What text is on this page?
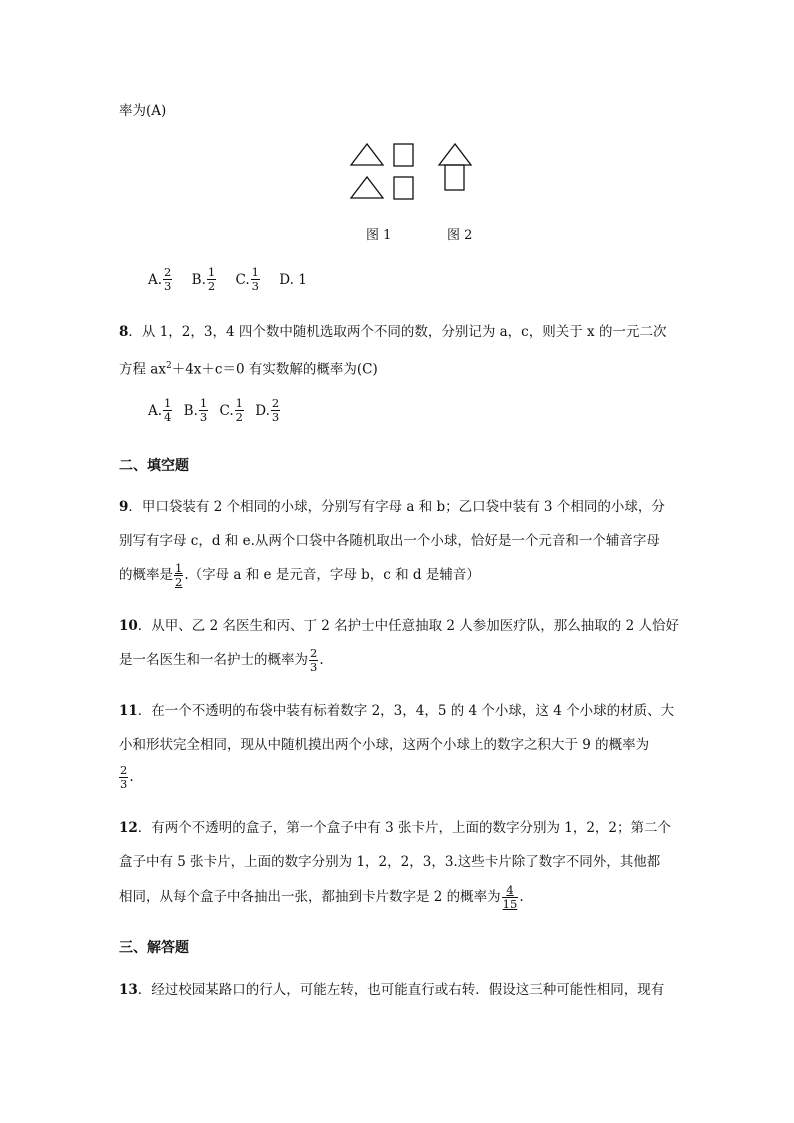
率为(A)
图 1	图 2
A. $\frac{2}{3}$
B. $\frac{1}{2}$
C. $\frac{1}{3}$
D.
1
8．从 1，2，3，4 四个数中随机选取两个不同的数，分别记为 a，c，则关于 x 的一元二次
方程 $ax^2+4x+c=0$ 有实数解的概率为(C)
A. $\frac{1}{4}$
B. $\frac{1}{3}$
C. $\frac{1}{2}$
D. $\frac{2}{3}$
二、填空题
9．甲口袋装有 2 个相同的小球，分别写有字母 a 和 b；乙口袋中装有 3 个相同的小球，分
别写有字母 c，d 和 e.从两个口袋中各随机取出一个小球，恰好是一个元音和一个辅音字母
的概率是 $\frac{1}{2}$ .（字母 a 和 e 是元音，字母 b，c 和 d 是辅音）
10．从甲、乙 2 名医生和丙、丁 2 名护士中任意抽取 2 人参加医疗队，那么抽取的 2 人恰好
是一名医生和一名护士的概率为 $\frac{2}{3}$ .
11．在一个不透明的布袋中装有标着数字 2，3，4，5 的 4 个小球，这 4 个小球的材质、大
小和形状完全相同，现从中随机摸出两个小球，这两个小球上的数字之积大于 9 的概率为
$\frac{2}{3}$ .
12．有两个不透明的盒子，第一个盒子中有 3 张卡片，上面的数字分别为 1，2，2；第二个
盒子中有 5 张卡片，上面的数字分别为 1，2，2，3，3.这些卡片除了数字不同外，其他都
相同，从每个盒子中各抽出一张，都抽到卡片数字是 2 的概率为 $\frac{4}{15}$ .
三、解答题
13．经过校园某路口的行人，可能左转，也可能直行或右转．假设这三种可能性相同，现有
